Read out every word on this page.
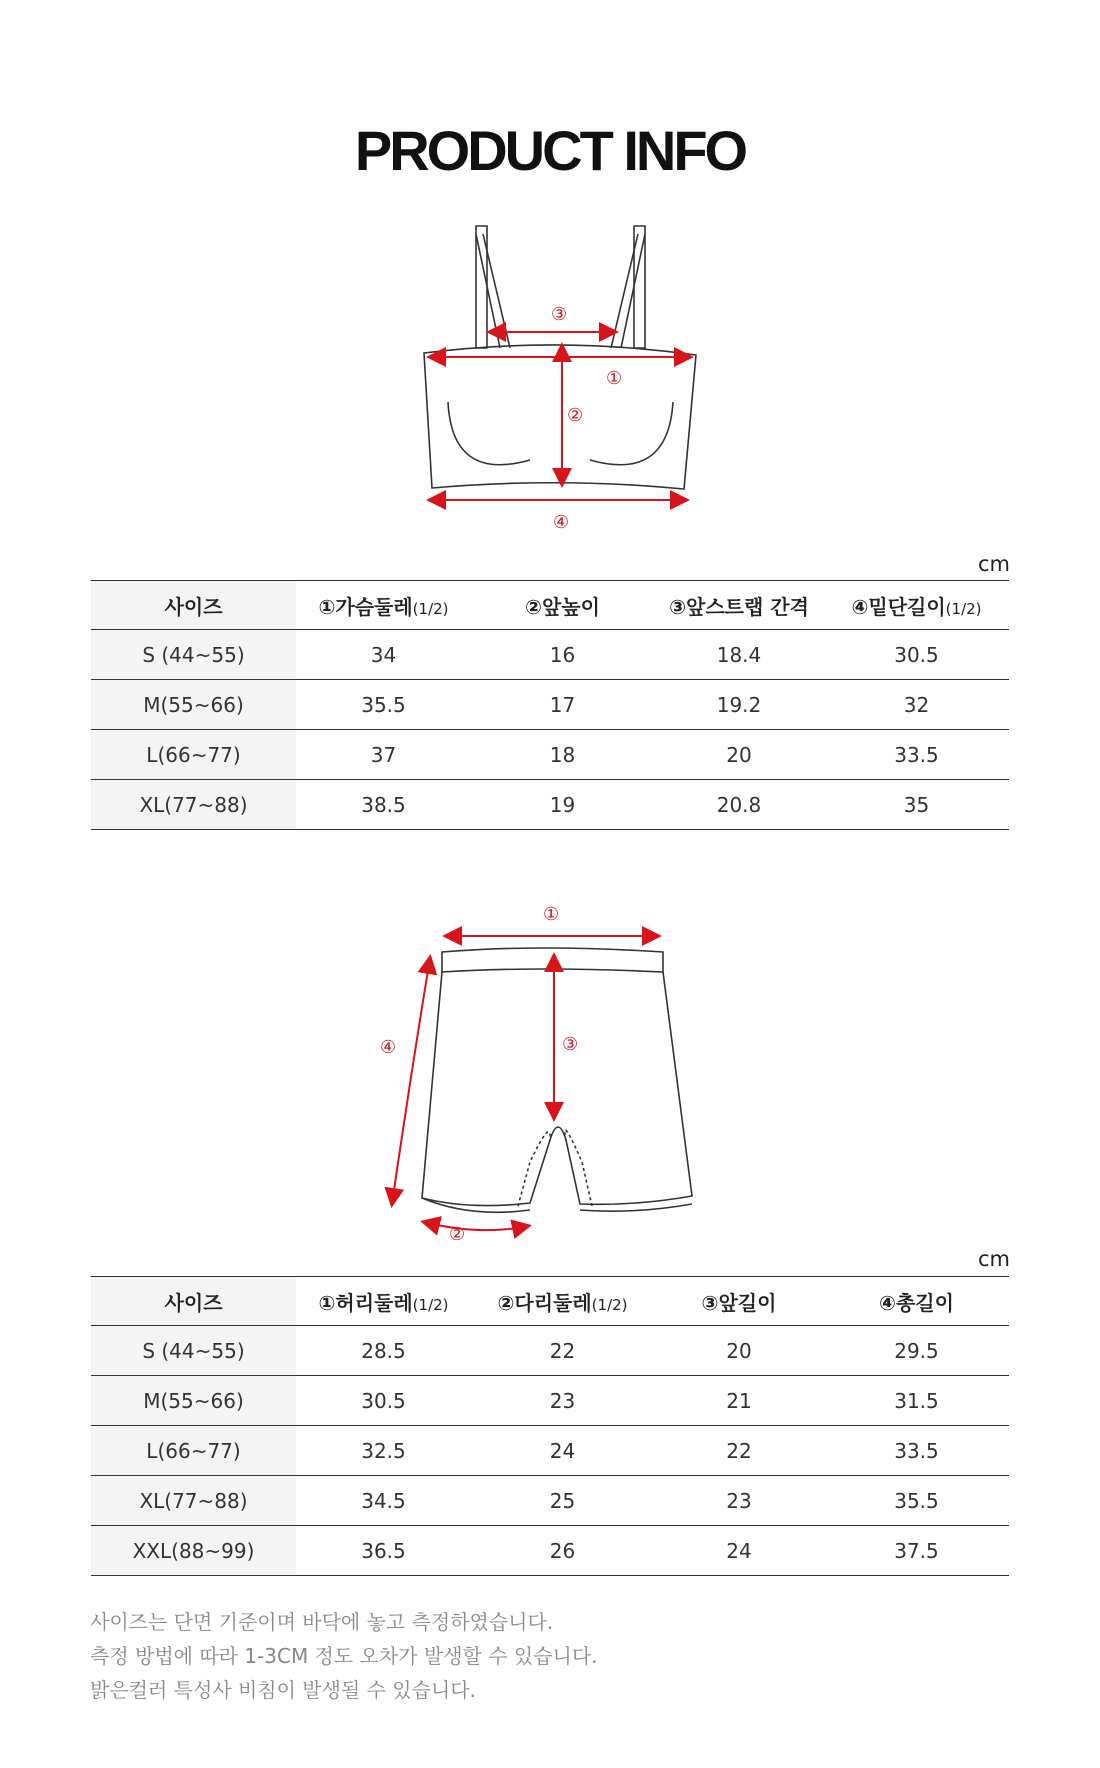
PRODUCT INFO
③
①
②
④
cm
사이즈	①가슴둘레(1/2)	②앞높이	③앞스트랩 간격	④밑단길이(1/2)
S (44~55)	34	16	18.4	30.5
M(55~66)	35.5	17	19.2	32
L(66~77)	37	18	20	33.5
XL(77~88)	38.5	19	20.8	35
①
③
④
②
cm
사이즈	①허리둘레(1/2)	②다리둘레(1/2)	③앞길이	④총길이
S (44~55)	28.5	22	20	29.5
M(55~66)	30.5	23	21	31.5
L(66~77)	32.5	24	22	33.5
XL(77~88)	34.5	25	23	35.5
XXL(88~99)	36.5	26	24	37.5
사이즈는 단면 기준이며 바닥에 놓고 측정하였습니다.
측정 방법에 따라 1-3CM 정도 오차가 발생할 수 있습니다.
밝은컬러 특성사 비침이 발생될 수 있습니다.
